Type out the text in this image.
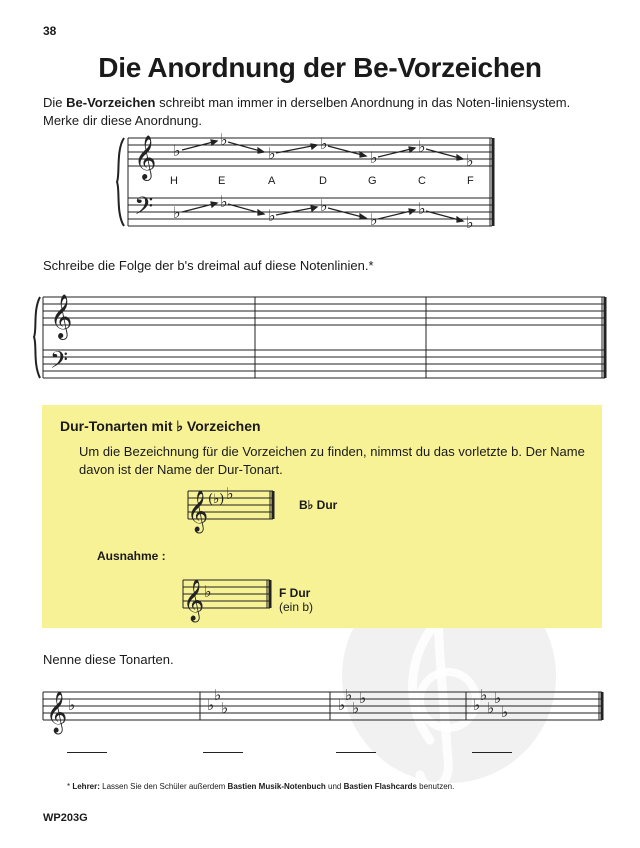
38
Die Anordnung der Be-Vorzeichen
Die Be-Vorzeichen schreibt man immer in derselben Anordnung in das Noten-liniensystem. Merke dir diese Anordnung.
𝄞
𝄢
♭
♭
♭
♭
♭
♭
♭
♭
♭
♭
♭
♭
♭
♭
H	E	A	D	G	C	F
Schreibe die Folge der b's dreimal auf diese Notenlinien.*
𝄞
𝄢
Dur-Tonarten mit ♭ Vorzeichen
Um die Bezeichnung für die Vorzeichen zu finden, nimmst du das vorletzte b. Der Name davon ist der Name der Dur-Tonart.
𝄞 (♭) ♭
𝄞 ♭
B♭ Dur
Ausnahme :
F Dur
(ein b)
Nenne diese Tonarten.
𝄞 ♭	♭
♭
♭	♭
♭
♭
♭	♭
♭
♭
♭
♭
* Lehrer: Lassen Sie den Schüler außerdem Bastien Musik-Notenbuch und Bastien Flashcards benutzen.
WP203G
